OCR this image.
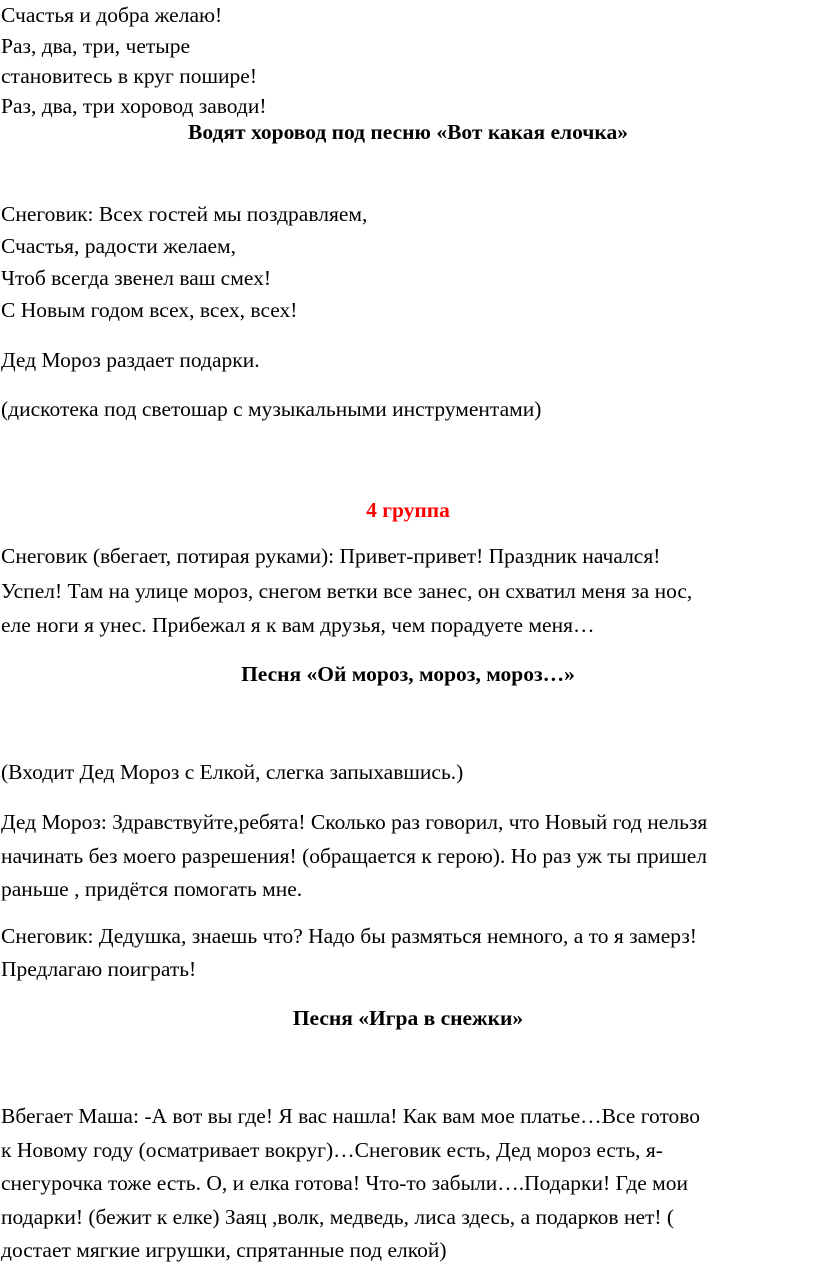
Счастья и добра желаю!
Раз, два, три, четыре
становитесь в круг пошире!
Раз, два, три хоровод заводи!
Водят хоровод под песню «Вот какая елочка»
Снеговик: Всех гостей мы поздравляем,
Счастья, радости желаем,
Чтоб всегда звенел ваш смех!
С Новым годом всех, всех, всех!
Дед Мороз раздает подарки.
(дискотека под светошар с музыкальными инструментами)
4 группа
Снеговик (вбегает, потирая руками): Привет-привет! Праздник начался!
Успел! Там на улице мороз, снегом ветки все занес, он схватил меня за нос,
еле ноги я унес. Прибежал я к вам друзья, чем порадуете меня…
Песня «Ой мороз, мороз, мороз…»
(Входит Дед Мороз с Елкой, слегка запыхавшись.)
Дед Мороз: Здравствуйте,ребята! Сколько раз говорил, что Новый год нельзя
начинать без моего разрешения! (обращается к герою). Но раз уж ты пришел
раньше , придётся помогать мне.
Снеговик: Дедушка, знаешь что? Надо бы размяться немного, а то я замерз!
Предлагаю поиграть!
Песня «Игра в снежки»
Вбегает Маша: -А вот вы где! Я вас нашла! Как вам мое платье…Все готово
к Новому году (осматривает вокруг)…Снеговик есть, Дед мороз есть, я-
снегурочка тоже есть. О, и елка готова! Что-то забыли….Подарки! Где мои
подарки! (бежит к елке) Заяц ,волк, медведь, лиса здесь, а подарков нет! (
достает мягкие игрушки, спрятанные под елкой)
